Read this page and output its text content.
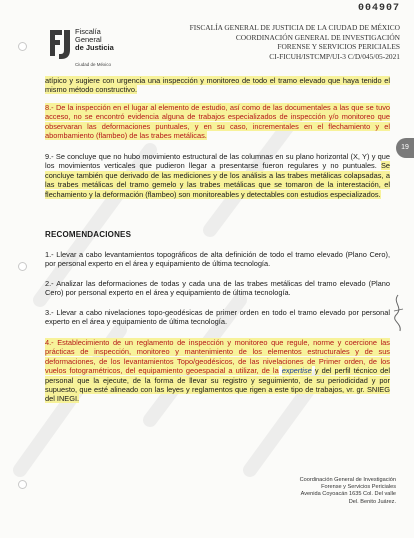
004907
Fiscalía
General
de Justicia
Ciudad de México
FISCALÍA GENERAL DE JUSTICIA DE LA CIUDAD DE MÉXICO
COORDINACIÓN GENERAL DE INVESTIGACIÓN
FORENSE Y SERVICIOS PERICIALES
CI-FICUH/ISTCMP/UI-3 C/D/045/05-2021
19
atípico y sugiere con urgencia una inspección y monitoreo de todo el tramo elevado que haya tenido el mismo método constructivo.
8.- De la inspección en el lugar al elemento de estudio, así como de las documentales a las que se tuvo acceso, no se encontró evidencia alguna de trabajos especializados de inspección y/o monitoreo que observaran las deformaciones puntuales, y en su caso, incrementales en el flechamiento y el abombamiento (flambeo) de las trabes metálicas.
9.- Se concluye que no hubo movimiento estructural de las columnas en su plano horizontal (X, Y) y que los movimientos verticales que pudieron llegar a presentarse fueron regulares y no puntuales. Se concluye también que derivado de las mediciones y de los análisis a las trabes metálicas colapsadas, a las trabes metálicas del tramo gemelo y las trabes metálicas que se tomaron de la interestación, el flechamiento y la deformación (flambeo) son monitoreables y detectables con estudios especializados.
RECOMENDACIONES
1.- Llevar a cabo levantamientos topográficos de alta definición de todo el tramo elevado (Plano Cero), por personal experto en el área y equipamiento de última tecnología.
2.- Analizar las deformaciones de todas y cada una de las trabes metálicas del tramo elevado (Plano Cero) por personal experto en el área y equipamiento de última tecnología.
3.- Llevar a cabo nivelaciones topo-geodésicas de primer orden en todo el tramo elevado por personal experto en el área y equipamiento de última tecnología.
4.- Establecimiento de un reglamento de inspección y monitoreo que regule, norme y coercione las prácticas de inspección, monitoreo y mantenimiento de los elementos estructurales y de sus deformaciones, de los levantamientos Topo/geodésicos, de las nivelaciones de Primer orden, de los vuelos fotogramétricos, del equipamiento geoespacial a utilizar, de la expertise y del perfil técnico del personal que la ejecute, de la forma de llevar su registro y seguimiento, de su periodicidad y por supuesto, que esté alineado con las leyes y reglamentos que rigen a este tipo de trabajos, vr. gr. SNIEG del INEGI.
Coordinación General de Investigación
Forense y Servicios Periciales
Avenida Coyoacán 1635 Col. Del valle
Del. Benito Juárez.
